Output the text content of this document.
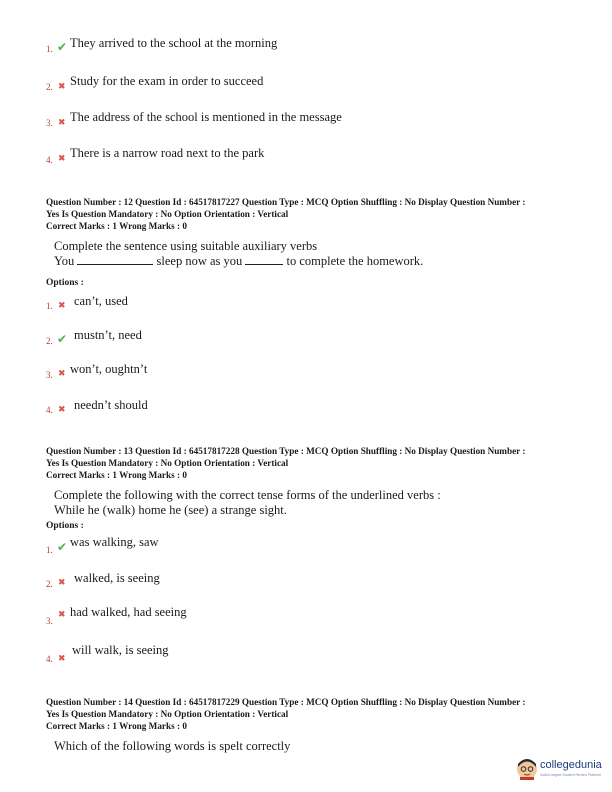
1. ✔ They arrived to the school at the morning
2. ✖ Study for the exam in order to succeed
3. ✖ The address of the school is mentioned in the message
4. ✖ There is a narrow road next to the park
Question Number : 12 Question Id : 64517817227 Question Type : MCQ Option Shuffling : No Display Question Number :
Yes Is Question Mandatory : No Option Orientation : Vertical
Correct Marks : 1 Wrong Marks : 0
Complete the sentence using suitable auxiliary verbs
You	sleep now as you	to complete the homework.
Options :
1. ✖ can’t, used
2. ✔ mustn’t, need
3. ✖ won’t, oughtn’t
4. ✖ needn’t should
Question Number : 13 Question Id : 64517817228 Question Type : MCQ Option Shuffling : No Display Question Number :
Yes Is Question Mandatory : No Option Orientation : Vertical
Correct Marks : 1 Wrong Marks : 0
Complete the following with the correct tense forms of the underlined verbs :
While he (walk) home he (see) a strange sight.
Options :
1. ✔ was walking, saw
2. ✖ walked, is seeing
3.
✖ had walked, had seeing
4. ✖
will walk, is seeing
Question Number : 14 Question Id : 64517817229 Question Type : MCQ Option Shuffling : No Display Question Number :
Yes Is Question Mandatory : No Option Orientation : Vertical
Correct Marks : 1 Wrong Marks : 0
Which of the following words is spelt correctly
collegedunia
India's largest Student Review Platform
